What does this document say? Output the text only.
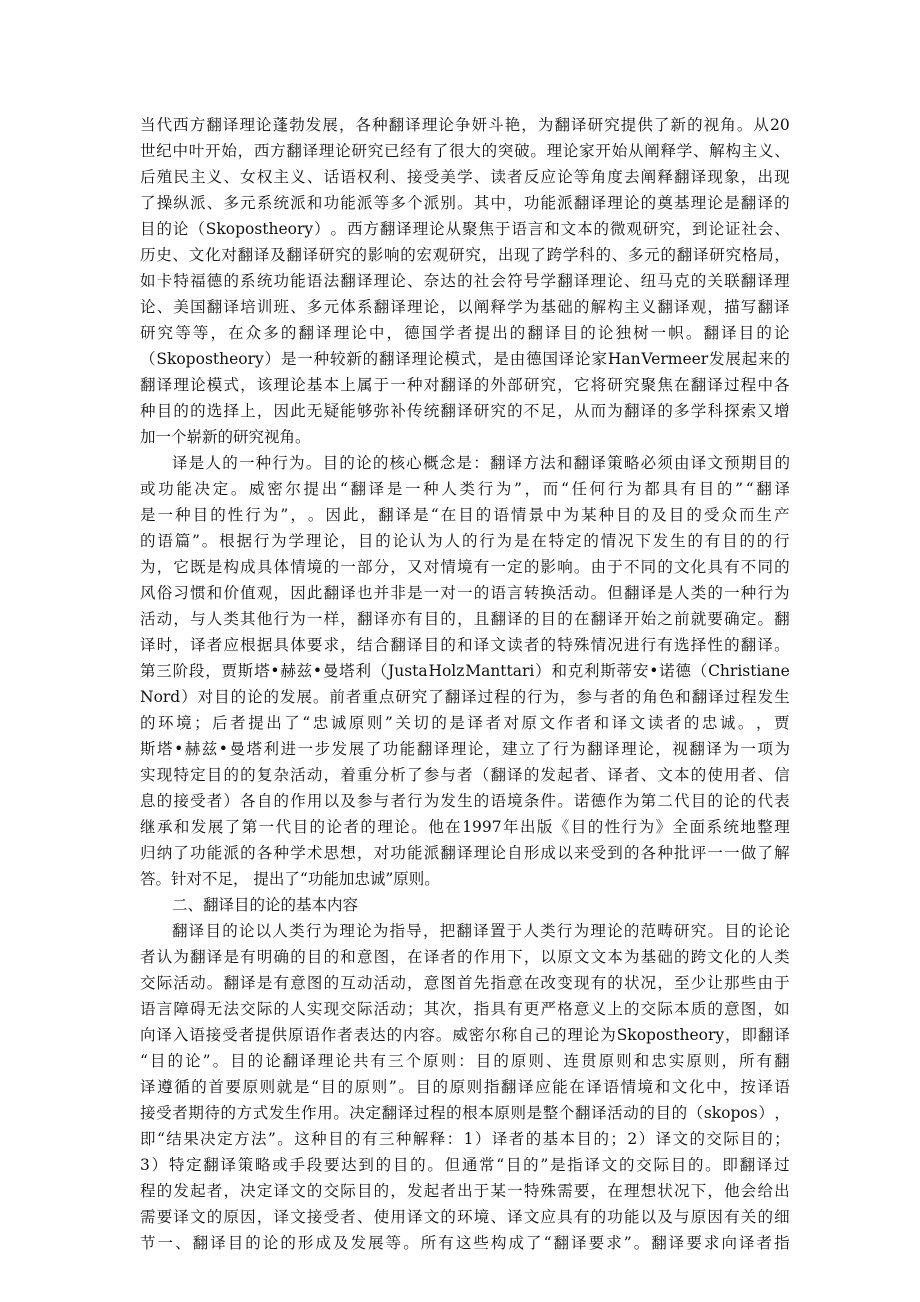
当 代 西 方 翻 译 理 论 蓬 勃 发 展 ， 各 种 翻 译 理 论 争 妍 斗 艳 ， 为 翻 译 研 究 提 供 了 新 的 视 角 。 从 20
世 纪 中 叶 开 始 ， 西 方 翻 译 理 论 研 究 已 经 有 了 很 大 的 突 破 。 理 论 家 开 始 从 阐 释 学 、 解 构 主 义 、
后 殖 民 主 义 、 女 权 主 义 、 话 语 权 利 、 接 受 美 学 、 读 者 反 应 论 等 角 度 去 阐 释 翻 译 现 象 ， 出 现
了 操 纵 派 、 多 元 系 统 派 和 功 能 派 等 多 个 派 别 。 其 中 ， 功 能 派 翻 译 理 论 的 奠 基 理 论 是 翻 译 的
目 的 论 （ Skopostheory ） 。 西 方 翻 译 理 论 从 聚 焦 于 语 言 和 文 本 的 微 观 研 究 ， 到 论 证 社 会 、
历 史 、 文 化 对 翻 译 及 翻 译 研 究 的 影 响 的 宏 观 研 究 ， 出 现 了 跨 学 科 的 、 多 元 的 翻 译 研 究 格 局 ，
如 卡 特 福 德 的 系 统 功 能 语 法 翻 译 理 论 、 奈 达 的 社 会 符 号 学 翻 译 理 论 、 纽 马 克 的 关 联 翻 译 理
论 、 美 国 翻 译 培 训 班 、 多 元 体 系 翻 译 理 论 ， 以 阐 释 学 为 基 础 的 解 构 主 义 翻 译 观 ， 描 写 翻 译
研 究 等 等 ， 在 众 多 的 翻 译 理 论 中 ， 德 国 学 者 提 出 的 翻 译 目 的 论 独 树 一 帜 。 翻 译 目 的 论
（ Skopostheory ） 是 一 种 较 新 的 翻 译 理 论 模 式 ， 是 由 德 国 译 论 家 Han Vermeer 发 展 起 来 的
翻 译 理 论 模 式 ， 该 理 论 基 本 上 属 于 一 种 对 翻 译 的 外 部 研 究 ， 它 将 研 究 聚 焦 在 翻 译 过 程 中 各
种 目 的 的 选 择 上 ， 因 此 无 疑 能 够 弥 补 传 统 翻 译 研 究 的 不 足 ， 从 而 为 翻 译 的 多 学 科 探 索 又 增
加一个崭新的研究视角。
译 是 人 的 一 种 行 为 。 目 的 论 的 核 心 概 念 是 ： 翻 译 方 法 和 翻 译 策 略 必 须 由 译 文 预 期 目 的
或 功 能 决 定 。 威 密 尔 提 出 “ 翻 译 是 一 种 人 类 行 为 ” ， 而 “ 任 何 行 为 都 具 有 目 的 ” “ 翻 译
是 一 种 目 的 性 行 为 ” ， 。 因 此 ， 翻 译 是 “ 在 目 的 语 情 景 中 为 某 种 目 的 及 目 的 受 众 而 生 产
的 语 篇 ” 。 根 据 行 为 学 理 论 ， 目 的 论 认 为 人 的 行 为 是 在 特 定 的 情 况 下 发 生 的 有 目 的 的 行
为 ， 它 既 是 构 成 具 体 情 境 的 一 部 分 ， 又 对 情 境 有 一 定 的 影 响 。 由 于 不 同 的 文 化 具 有 不 同 的
风 俗 习 惯 和 价 值 观 ， 因 此 翻 译 也 并 非 是 一 对 一 的 语 言 转 换 活 动 。 但 翻 译 是 人 类 的 一 种 行 为
活 动 ， 与 人 类 其 他 行 为 一 样 ， 翻 译 亦 有 目 的 ， 且 翻 译 的 目 的 在 翻 译 开 始 之 前 就 要 确 定 。 翻
译 时 ， 译 者 应 根 据 具 体 要 求 ， 结 合 翻 译 目 的 和 译 文 读 者 的 特 殊 情 况 进 行 有 选 择 性 的 翻 译 。
第 三 阶 段 ， 贾 斯 塔 • 赫 兹 • 曼 塔 利 （ Justa Holz Manttari ） 和 克 利 斯 蒂 安 • 诺 德 （ Christiane
Nord ） 对 目 的 论 的 发 展 。 前 者 重 点 研 究 了 翻 译 过 程 的 行 为 ， 参 与 者 的 角 色 和 翻 译 过 程 发 生
的 环 境 ； 后 者 提 出 了 “ 忠 诚 原 则 ” 关 切 的 是 译 者 对 原 文 作 者 和 译 文 读 者 的 忠 诚 。 ， 贾
斯 塔 • 赫 兹 • 曼 塔 利 进 一 步 发 展 了 功 能 翻 译 理 论 ， 建 立 了 行 为 翻 译 理 论 ， 视 翻 译 为 一 项 为
实 现 特 定 目 的 的 复 杂 活 动 ， 着 重 分 析 了 参 与 者 （ 翻 译 的 发 起 者 、 译 者 、 文 本 的 使 用 者 、 信
息 的 接 受 者 ） 各 自 的 作 用 以 及 参 与 者 行 为 发 生 的 语 境 条 件 。 诺 德 作 为 第 二 代 目 的 论 的 代 表
继 承 和 发 展 了 第 一 代 目 的 论 者 的 理 论 。 他 在 1997 年 出 版 《 目 的 性 行 为 》 全 面 系 统 地 整 理
归 纳 了 功 能 派 的 各 种 学 术 思 想 ， 对 功 能 派 翻 译 理 论 自 形 成 以 来 受 到 的 各 种 批 评 一 一 做 了 解
答。针对不足， 提出了“功能加忠诚”原则。
二、翻译目的论的基本内容
翻 译 目 的 论 以 人 类 行 为 理 论 为 指 导 ， 把 翻 译 置 于 人 类 行 为 理 论 的 范 畴 研 究 。 目 的 论 论
者 认 为 翻 译 是 有 明 确 的 目 的 和 意 图 ， 在 译 者 的 作 用 下 ， 以 原 文 文 本 为 基 础 的 跨 文 化 的 人 类
交 际 活 动 。 翻 译 是 有 意 图 的 互 动 活 动 ， 意 图 首 先 指 意 在 改 变 现 有 的 状 况 ， 至 少 让 那 些 由 于
语 言 障 碍 无 法 交 际 的 人 实 现 交 际 活 动 ； 其 次 ， 指 具 有 更 严 格 意 义 上 的 交 际 本 质 的 意 图 ， 如
向 译 入 语 接 受 者 提 供 原 语 作 者 表 达 的 内 容 。 威 密 尔 称 自 己 的 理 论 为 Skopostheory ， 即 翻 译
“ 目 的 论 ” 。 目 的 论 翻 译 理 论 共 有 三 个 原 则 ： 目 的 原 则 、 连 贯 原 则 和 忠 实 原 则 ， 所 有 翻
译 遵 循 的 首 要 原 则 就 是 “ 目 的 原 则 ” 。 目 的 原 则 指 翻 译 应 能 在 译 语 情 境 和 文 化 中 ， 按 译 语
接 受 者 期 待 的 方 式 发 生 作 用 。 决 定 翻 译 过 程 的 根 本 原 则 是 整 个 翻 译 活 动 的 目 的 （ skopos ） ，
即 “ 结 果 决 定 方 法 ” 。 这 种 目 的 有 三 种 解 释 ： 1 ） 译 者 的 基 本 目 的 ； 2 ） 译 文 的 交 际 目 的 ；
3 ） 特 定 翻 译 策 略 或 手 段 要 达 到 的 目 的 。 但 通 常 “ 目 的 ” 是 指 译 文 的 交 际 目 的 。 即 翻 译 过
程 的 发 起 者 ， 决 定 译 文 的 交 际 目 的 ， 发 起 者 出 于 某 一 特 殊 需 要 ， 在 理 想 状 况 下 ， 他 会 给 出
需 要 译 文 的 原 因 ， 译 文 接 受 者 、 使 用 译 文 的 环 境 、 译 文 应 具 有 的 功 能 以 及 与 原 因 有 关 的 细
节 一 、 翻 译 目 的 论 的 形 成 及 发 展 等 。 所 有 这 些 构 成 了 “ 翻 译 要 求 ” 。 翻 译 要 求 向 译 者 指
